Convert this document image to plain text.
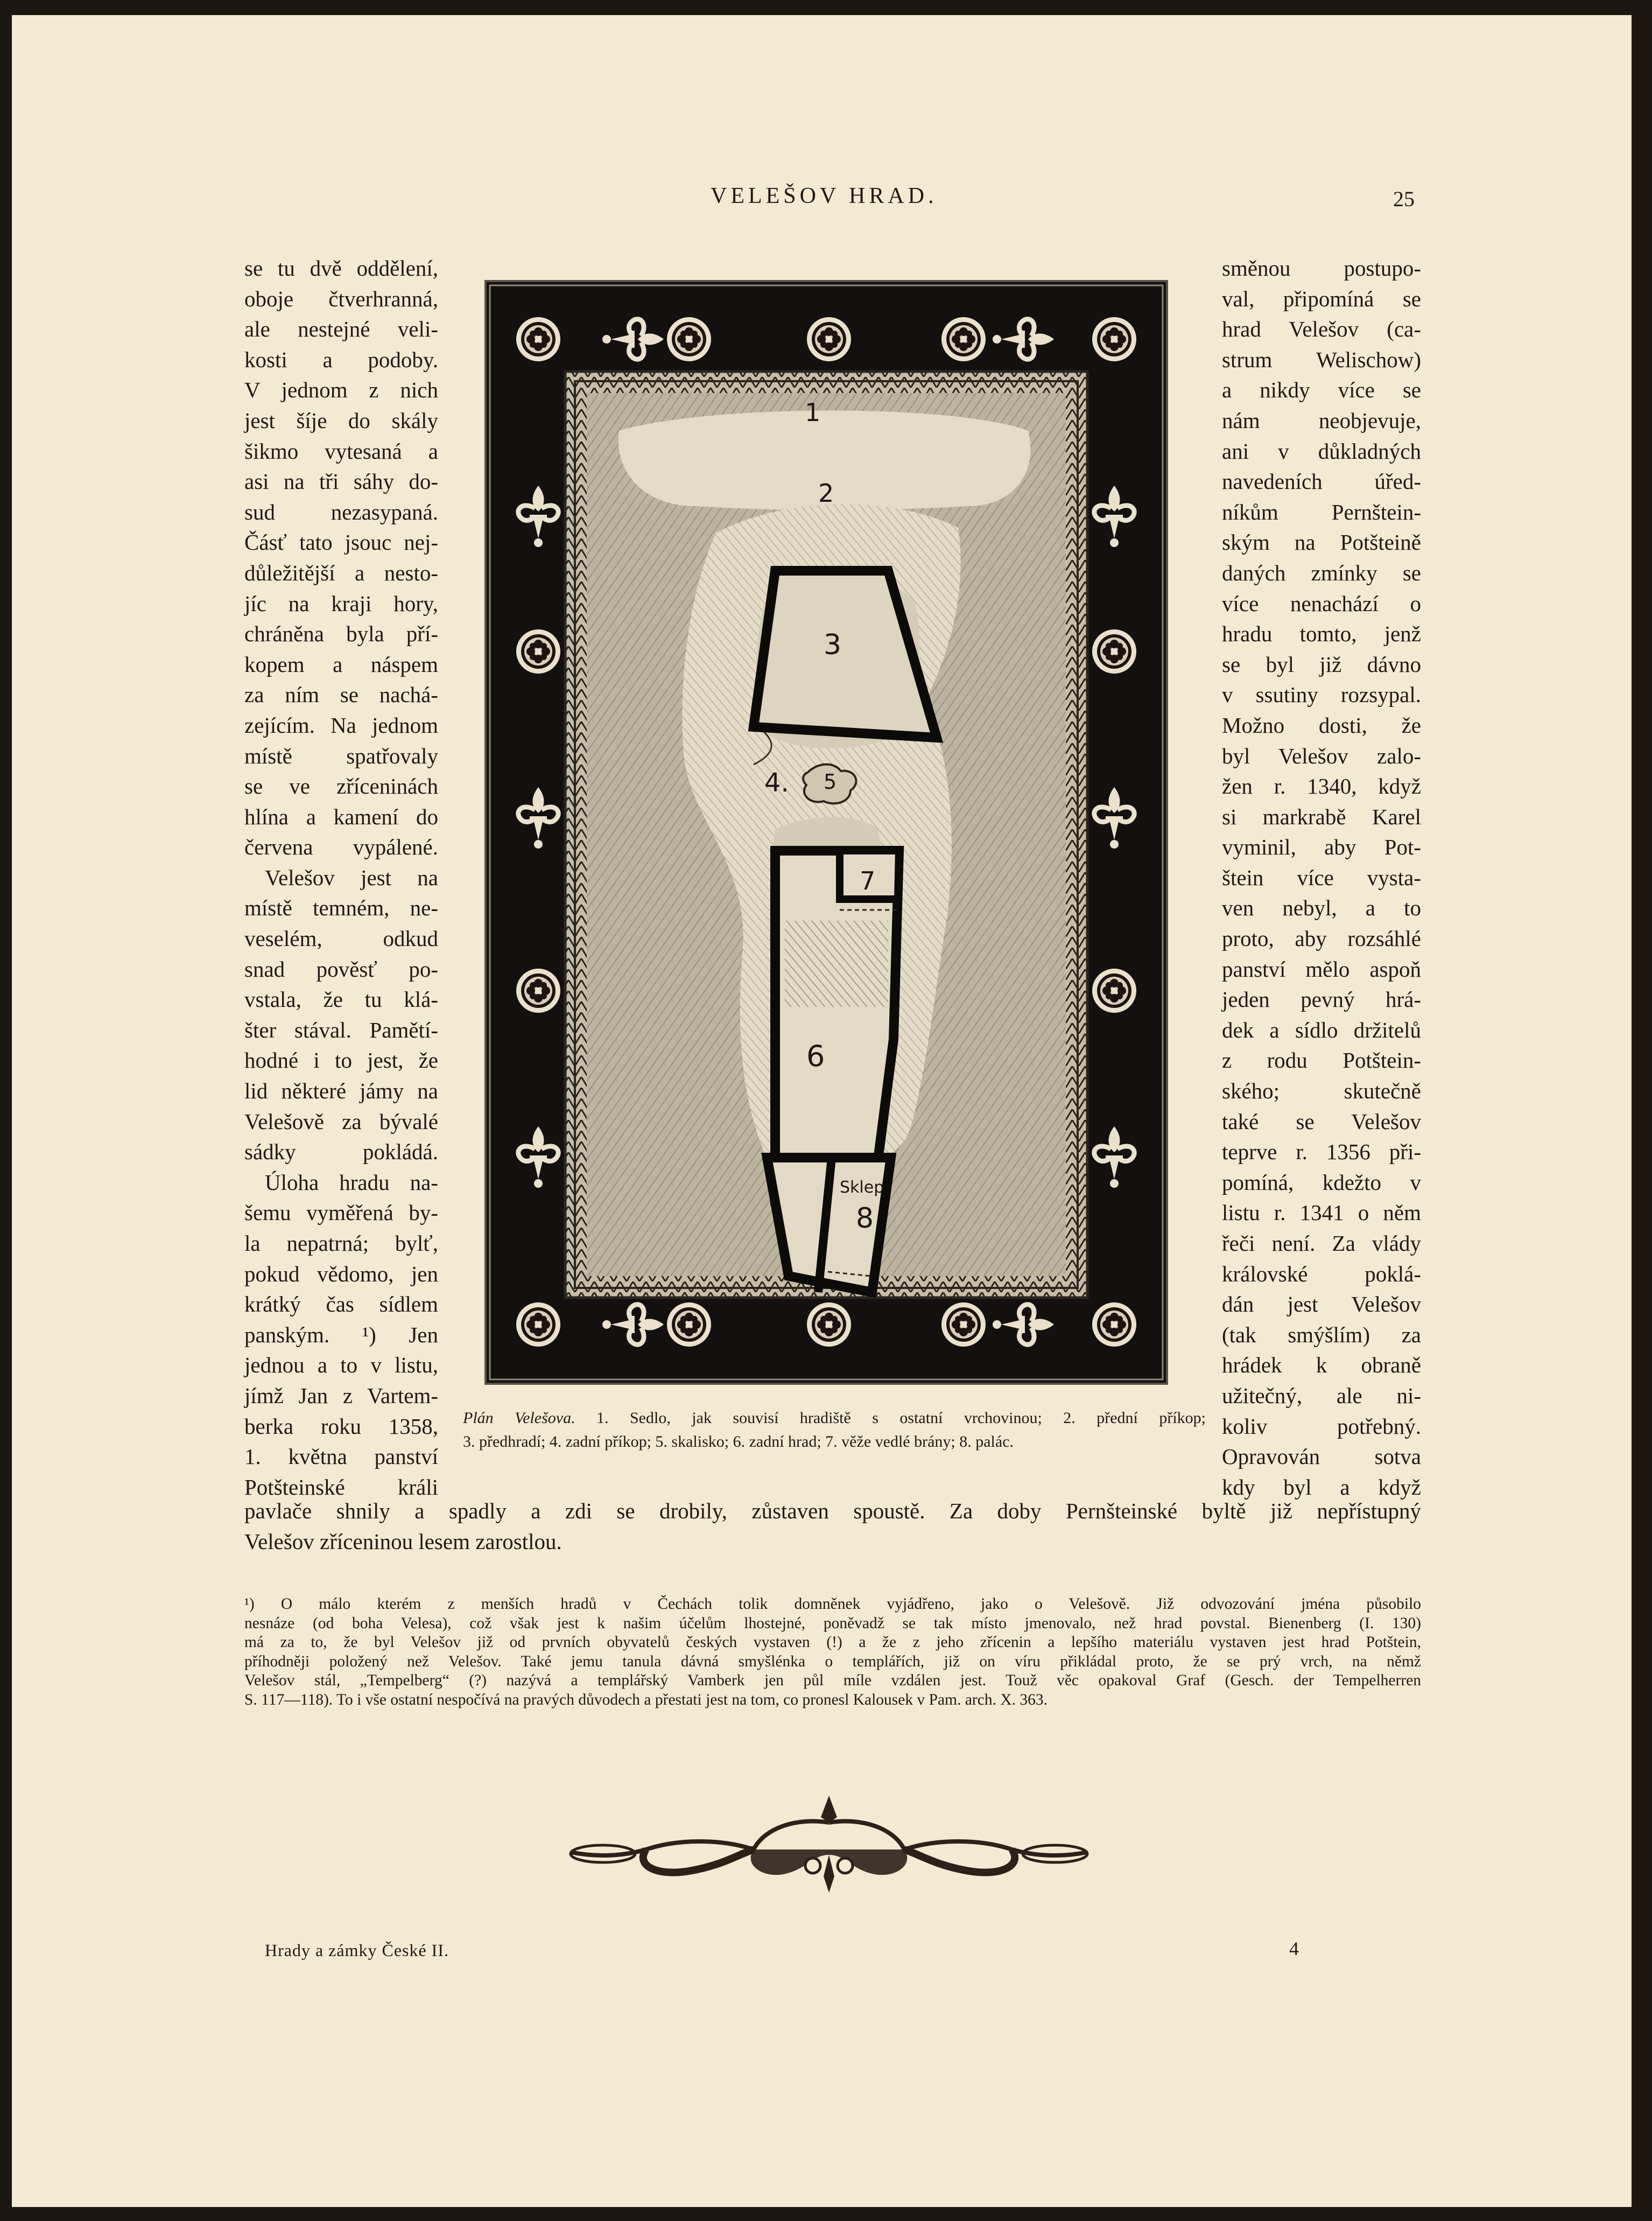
VELEŠOV HRAD.	25

se tu dvě oddělení,
oboje čtverhranná,
ale nestejné veli-
kosti a podoby.
V jednom z nich
jest šíje do skály
šikmo vytesaná a
asi na tři sáhy do-
sud nezasypaná.
Čásť tato jsouc nej-
důležitější a nesto-
jíc na kraji hory,
chráněna byla pří-
kopem a náspem
za ním se nachá-
zejícím. Na jednom
místě spatřovaly
se ve zříceninách
hlína a kamení do
červena vypálené.

Velešov jest na
místě temném, ne-
veselém, odkud
snad pověsť po-
vstala, že tu klá-
šter stával. Pamětí-
hodné i to jest, že
lid některé jámy na
Velešově za bývalé
sádky pokládá.

Úloha hradu na-
šemu vyměřená by-
la nepatrná; bylť,
pokud vědomo, jen
krátký čas sídlem
panským. ¹) Jen
jednou a to v listu,
jímž Jan z Vartem-
berka roku 1358,
1. května panství
Potšteinské králi

směnou postupo-
val, připomíná se
hrad Velešov (ca-
strum Welischow)
a nikdy více se
nám neobjevuje,
ani v důkladných
navedeních úřed-
níkům Pernštein-
ským na Potšteině
daných zmínky se
více nenachází o
hradu tomto, jenž
se byl již dávno
v ssutiny rozsypal.
Možno dosti, že
byl Velešov zalo-
žen r. 1340, když
si markrabě Karel
vyminil, aby Pot-
štein více vysta-
ven nebyl, a to
proto, aby rozsáhlé
panství mělo aspoň
jeden pevný hrá-
dek a sídlo držitelů
z rodu Potštein-
ského; skutečně
také se Velešov
teprve r. 1356 při-
pomíná, kdežto v
listu r. 1341 o něm
řeči není. Za vlády
královské poklá-
dán jest Velešov
(tak smýšlím) za
hrádek k obraně
užitečný, ale ni-
koliv potřebný.
Opravován sotva
kdy byl a když

pavlače shnily a spadly a zdi se drobily, zůstaven spoustě. Za doby Pernšteinské byltě již nepřístupný

Velešov zříceninou lesem zarostlou.

1
2
3
4. 5
6
7
Sklep
8

Plán Velešova. 1. Sedlo, jak souvisí hradiště s ostatní vrchovinou; 2. přední příkop;

3. předhradí; 4. zadní příkop; 5. skalisko; 6. zadní hrad; 7. věže vedlé brány; 8. palác.

¹) O málo kterém z menších hradů v Čechách tolik domněnek vyjádřeno, jako o Velešově. Již odvozování jména působilo
nesnáze (od boha Velesa), což však jest k našim účelům lhostejné, poněvadž se tak místo jmenovalo, než hrad povstal. Bienenberg (I. 130)
má za to, že byl Velešov již od prvních obyvatelů českých vystaven (!) a že z jeho zřícenin a lepšího materiálu vystaven jest hrad Potštein,
příhodněji položený než Velešov. Také jemu tanula dávná smyšlénka o templářích, již on víru přikládal proto, že se prý vrch, na němž
Velešov stál, „Tempelberg“ (?) nazývá a templářský Vamberk jen půl míle vzdálen jest. Touž věc opakoval Graf (Gesch. der Tempelherren

S. 117—118). To i vše ostatní nespočívá na pravých důvodech a přestati jest na tom, co pronesl Kalousek v Pam. arch. X. 363.

Hrady a zámky České II.	4
